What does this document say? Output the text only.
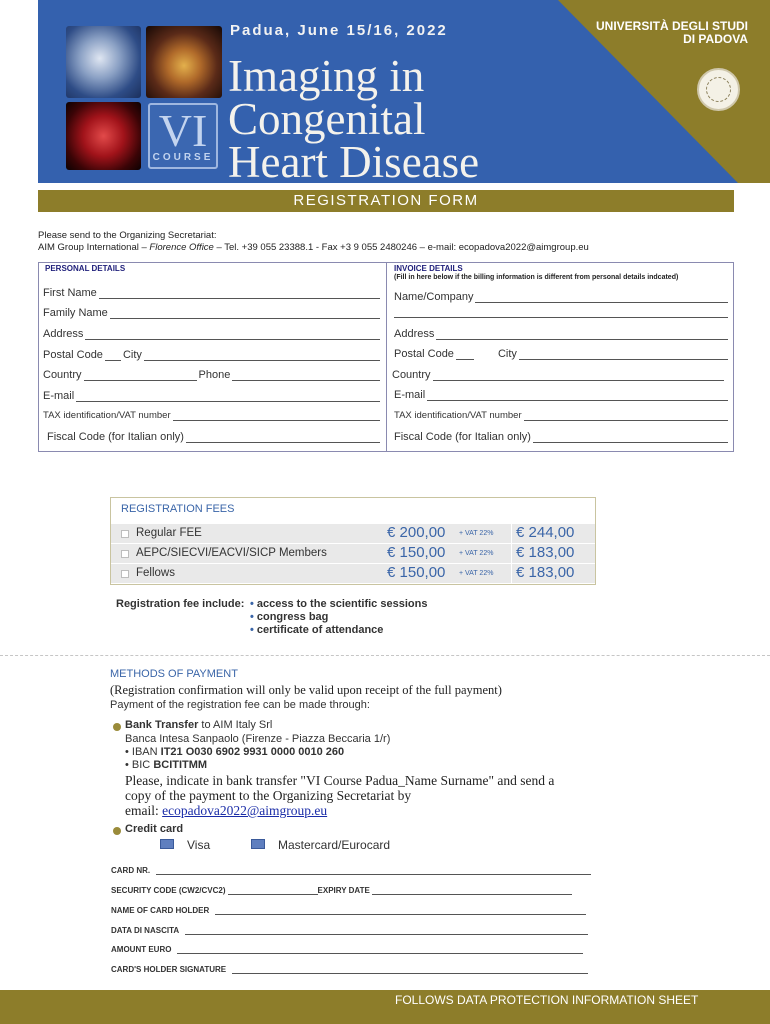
VI
COURSE
Padua, June 15/16, 2022
Imaging in
Congenital
Heart Disease
UNIVERSITÀ DEGLI STUDI
DI PADOVA
REGISTRATION FORM
Please send to the Organizing Secretariat:
AIM Group International – Florence Office – Tel. +39 055 23388.1 - Fax +3 9 055 2480246 – e-mail: ecopadova2022@aimgroup.eu
PERSONAL DETAILS	INVOICE DETAILS
(Fill in here below if the billing information is different from personal details indcated)
First Name
Family Name
Address
Postal Code City
Country	Phone
E-mail
TAX identification/VAT number
Fiscal Code (for Italian only)
Name/Company
Address
Postal Code	City
Country
E-mail
TAX identification/VAT number
Fiscal Code (for Italian only)
REGISTRATION FEES
Regular FEE	€ 200,00 + VAT 22%	€ 244,00
AEPC/SIECVI/EACVI/SICP Members	€ 150,00 + VAT 22%	€ 183,00
Fellows	€ 150,00 + VAT 22%	€ 183,00
Registration fee include: • access to the scientific sessions
• congress bag
• certificate of attendance
METHODS OF PAYMENT
(Registration confirmation will only be valid upon receipt of the full payment)
Payment of the registration fee can be made through:
Bank Transfer to AIM Italy Srl
Banca Intesa Sanpaolo (Firenze - Piazza Beccaria 1/r)
• IBAN IT21 O030 6902 9931 0000 0010 260
• BIC BCITITMM
Please, indicate in bank transfer "VI Course Padua_Name Surname" and send a
copy of the payment to the Organizing Secretariat by
email: ecopadova2022@aimgroup.eu
Credit card
Visa	Mastercard/Eurocard
CARD NR.
SECURITY CODE (CW2/CVC2)	EXPIRY DATE
NAME OF CARD HOLDER
DATA DI NASCITA
AMOUNT EURO
CARD'S HOLDER SIGNATURE
FOLLOWS DATA PROTECTION INFORMATION SHEET
